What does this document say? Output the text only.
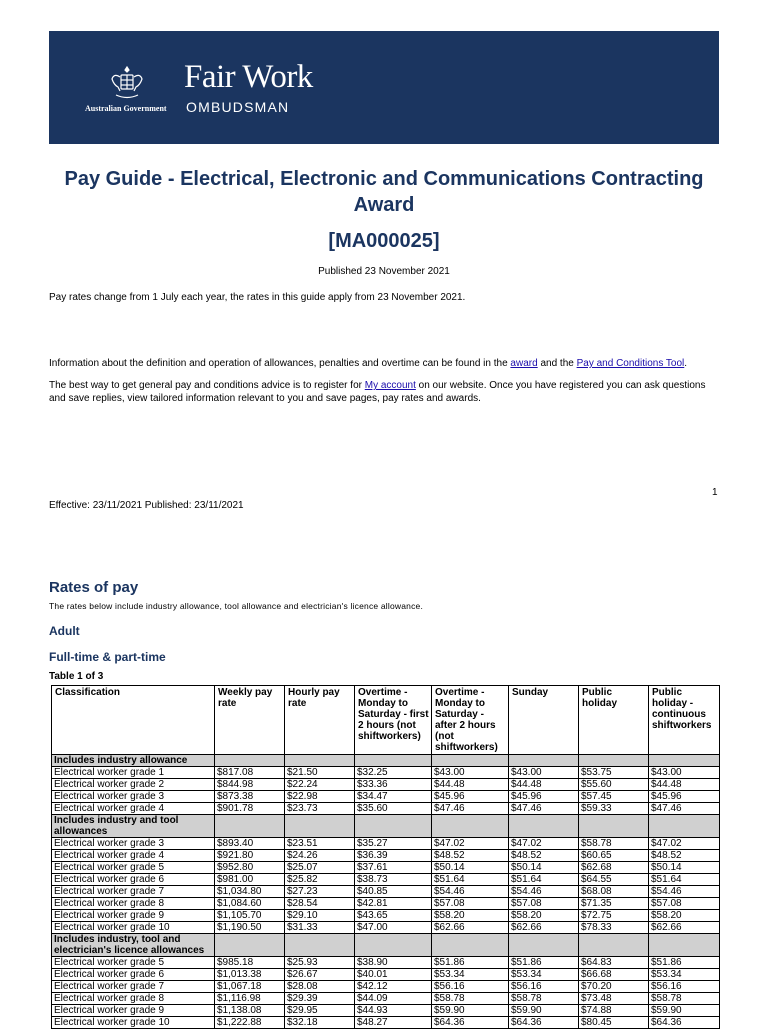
Australian Government
Fair Work
OMBUDSMAN
Pay Guide - Electrical, Electronic and Communications Contracting Award
[MA000025]
Published 23 November 2021
Pay rates change from 1 July each year, the rates in this guide apply from 23 November 2021.
Information about the definition and operation of allowances, penalties and overtime can be found in the award and the Pay and Conditions Tool.
The best way to get general pay and conditions advice is to register for My account on our website. Once you have registered you can ask questions and save replies, view tailored information relevant to you and save pages, pay rates and awards.
1
Effective: 23/11/2021 Published: 23/11/2021
Rates of pay
The rates below include industry allowance, tool allowance and electrician's licence allowance.
Adult
Full-time & part-time
Table 1 of 3
Classification	Weekly pay rate	Hourly pay rate	Overtime - Monday to Saturday - first 2 hours (not shiftworkers)	Overtime - Monday to Saturday - after 2 hours (not shiftworkers)	Sunday	Public holiday	Public holiday - continuous shiftworkers
Includes industry allowance							
Electrical worker grade 1	$817.08	$21.50	$32.25	$43.00	$43.00	$53.75	$43.00
Electrical worker grade 2	$844.98	$22.24	$33.36	$44.48	$44.48	$55.60	$44.48
Electrical worker grade 3	$873.38	$22.98	$34.47	$45.96	$45.96	$57.45	$45.96
Electrical worker grade 4	$901.78	$23.73	$35.60	$47.46	$47.46	$59.33	$47.46
Includes industry and tool allowances							
Electrical worker grade 3	$893.40	$23.51	$35.27	$47.02	$47.02	$58.78	$47.02
Electrical worker grade 4	$921.80	$24.26	$36.39	$48.52	$48.52	$60.65	$48.52
Electrical worker grade 5	$952.80	$25.07	$37.61	$50.14	$50.14	$62.68	$50.14
Electrical worker grade 6	$981.00	$25.82	$38.73	$51.64	$51.64	$64.55	$51.64
Electrical worker grade 7	$1,034.80	$27.23	$40.85	$54.46	$54.46	$68.08	$54.46
Electrical worker grade 8	$1,084.60	$28.54	$42.81	$57.08	$57.08	$71.35	$57.08
Electrical worker grade 9	$1,105.70	$29.10	$43.65	$58.20	$58.20	$72.75	$58.20
Electrical worker grade 10	$1,190.50	$31.33	$47.00	$62.66	$62.66	$78.33	$62.66
Includes industry, tool and electrician's licence allowances							
Electrical worker grade 5	$985.18	$25.93	$38.90	$51.86	$51.86	$64.83	$51.86
Electrical worker grade 6	$1,013.38	$26.67	$40.01	$53.34	$53.34	$66.68	$53.34
Electrical worker grade 7	$1,067.18	$28.08	$42.12	$56.16	$56.16	$70.20	$56.16
Electrical worker grade 8	$1,116.98	$29.39	$44.09	$58.78	$58.78	$73.48	$58.78
Electrical worker grade 9	$1,138.08	$29.95	$44.93	$59.90	$59.90	$74.88	$59.90
Electrical worker grade 10	$1,222.88	$32.18	$48.27	$64.36	$64.36	$80.45	$64.36
